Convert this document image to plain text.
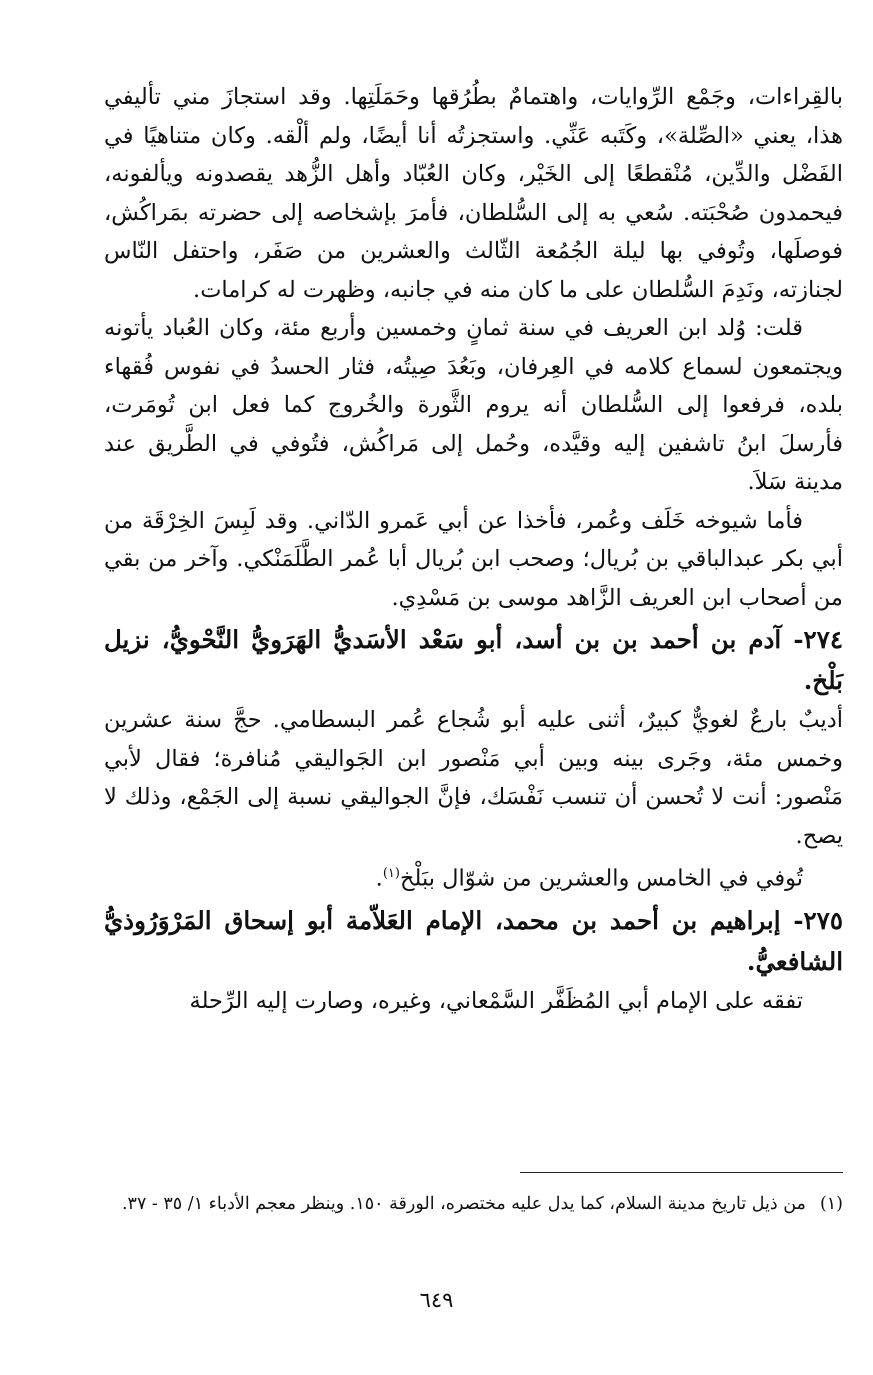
بالقِراءات، وجَمْع الرِّوايات، واهتمامٌ بطُرُقها وحَمَلَتِها. وقد استجازَ مني تأليفي هذا، يعني «الصِّلة»، وكَتَبه عَنِّي. واستجزتُه أنا أيضًا، ولم ألْقه. وكان متناهيًا في الفَضْل والدِّين، مُنْقطعًا إلى الخَيْر، وكان العُبّاد وأهل الزُّهد يقصدونه ويألفونه، فيحمدون صُحْبَته. سُعي به إلى السُّلطان، فأمرَ بإشخاصه إلى حضرته بمَراكُش، فوصلَها، وتُوفي بها ليلة الجُمُعة الثّالث والعشرين من صَفَر، واحتفل النّاس لجنازته، ونَدِمَ السُّلطان على ما كان منه في جانبه، وظهرت له كرامات.

قلت: وُلد ابن العريف في سنة ثمانٍ وخمسين وأربع مئة، وكان العُباد يأتونه ويجتمعون لسماع كلامه في العِرفان، وبَعُدَ صِيتُه، فثار الحسدُ في نفوس فُقهاء بلده، فرفعوا إلى السُّلطان أنه يروم الثَّورة والخُروج كما فعل ابن تُومَرت، فأرسلَ ابنُ تاشفين إليه وقيَّده، وحُمل إلى مَراكُش، فتُوفي في الطَّريق عند مدينة سَلاَ.

فأما شيوخه خَلَف وعُمر، فأخذا عن أبي عَمرو الدّاني. وقد لَبِسَ الخِرْقَة من أبي بكر عبدالباقي بن بُريال؛ وصحب ابن بُريال أبا عُمر الطَّلَمَنْكي. وآخر من بقي من أصحاب ابن العريف الزَّاهد موسى بن مَسْدِي.

٢٧٤- آدم بن أحمد بن بن أسد، أبو سَعْد الأسَديُّ الهَرَويُّ النَّحْويُّ، نزيل بَلْخ.

أديبٌ بارعٌ لغويٌّ كبيرٌ، أثنى عليه أبو شُجاع عُمر البسطامي. حجَّ سنة عشرين وخمس مئة، وجَرى بينه وبين أبي مَنْصور ابن الجَواليقي مُنافرة؛ فقال لأبي مَنْصور: أنت لا تُحسن أن تنسب نَفْسَك، فإنَّ الجواليقي نسبة إلى الجَمْع، وذلك لا يصح.

تُوفي في الخامس والعشرين من شوّال ببَلْخ$^{(١)}$.

٢٧٥- إبراهيم بن أحمد بن محمد، الإمام العَلاّمة أبو إسحاق المَرْوَرُوذيُّ الشافعيُّ.

تفقه على الإمام أبي المُظَفَّر السَّمْعاني، وغيره، وصارت إليه الرِّحلة

(١)من ذيل تاريخ مدينة السلام، كما يدل عليه مختصره، الورقة ١٥٠. وينظر معجم الأدباء ١/ ٣٥ - ٣٧.

٦٤٩
